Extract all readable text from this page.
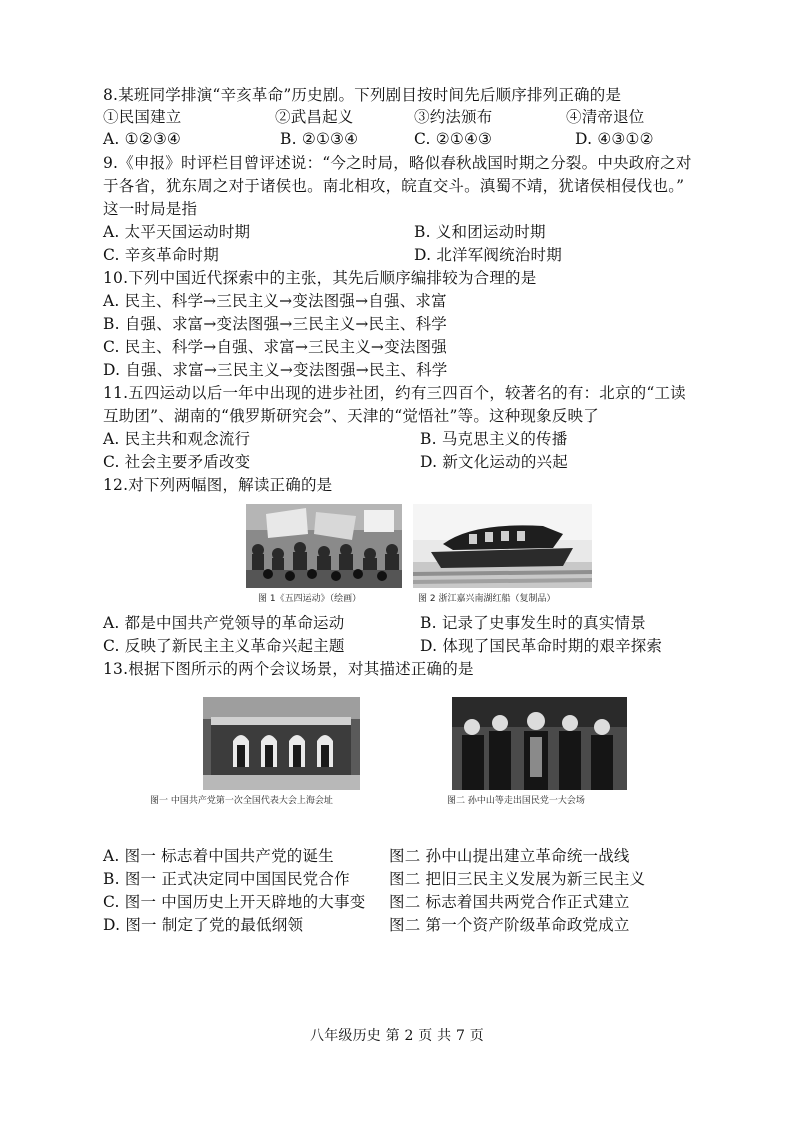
8.某班同学排演“辛亥革命”历史剧。下列剧目按时间先后顺序排列正确的是
①民国建立	②武昌起义	③约法颁布	④清帝退位
A. ①②③④	B. ②①③④	C. ②①④③	D. ④③①②
9.《申报》时评栏目曾评述说：“今之时局，略似春秋战国时期之分裂。中央政府之对
于各省，犹东周之对于诸侯也。南北相攻，皖直交斗。滇蜀不靖，犹诸侯相侵伐也。”
这一时局是指
A. 太平天国运动时期	B. 义和团运动时期
C. 辛亥革命时期	D. 北洋军阀统治时期
10.下列中国近代探索中的主张，其先后顺序编排较为合理的是
A. 民主、科学→三民主义→变法图强→自强、求富
B. 自强、求富→变法图强→三民主义→民主、科学
C. 民主、科学→自强、求富→三民主义→变法图强
D. 自强、求富→三民主义→变法图强→民主、科学
11.五四运动以后一年中出现的进步社团，约有三四百个，较著名的有：北京的“工读
互助团”、湖南的“俄罗斯研究会”、天津的“觉悟社”等。这种现象反映了
A. 民主共和观念流行	B. 马克思主义的传播
C. 社会主要矛盾改变	D. 新文化运动的兴起
12.对下列两幅图，解读正确的是
图 1《五四运动》（绘画）	图 2 浙江嘉兴南湖红船（复制品）
A. 都是中国共产党领导的革命运动	B. 记录了史事发生时的真实情景
C. 反映了新民主主义革命兴起主题	D. 体现了国民革命时期的艰辛探索
13.根据下图所示的两个会议场景，对其描述正确的是
图一 中国共产党第一次全国代表大会上海会址	图二 孙中山等走出国民党一大会场
A. 图一 标志着中国共产党的诞生	图二 孙中山提出建立革命统一战线
B. 图一 正式决定同中国国民党合作	图二 把旧三民主义发展为新三民主义
C. 图一 中国历史上开天辟地的大事变 图二 标志着国共两党合作正式建立
D. 图一 制定了党的最低纲领	图二 第一个资产阶级革命政党成立
八年级历史 第 2 页 共 7 页
